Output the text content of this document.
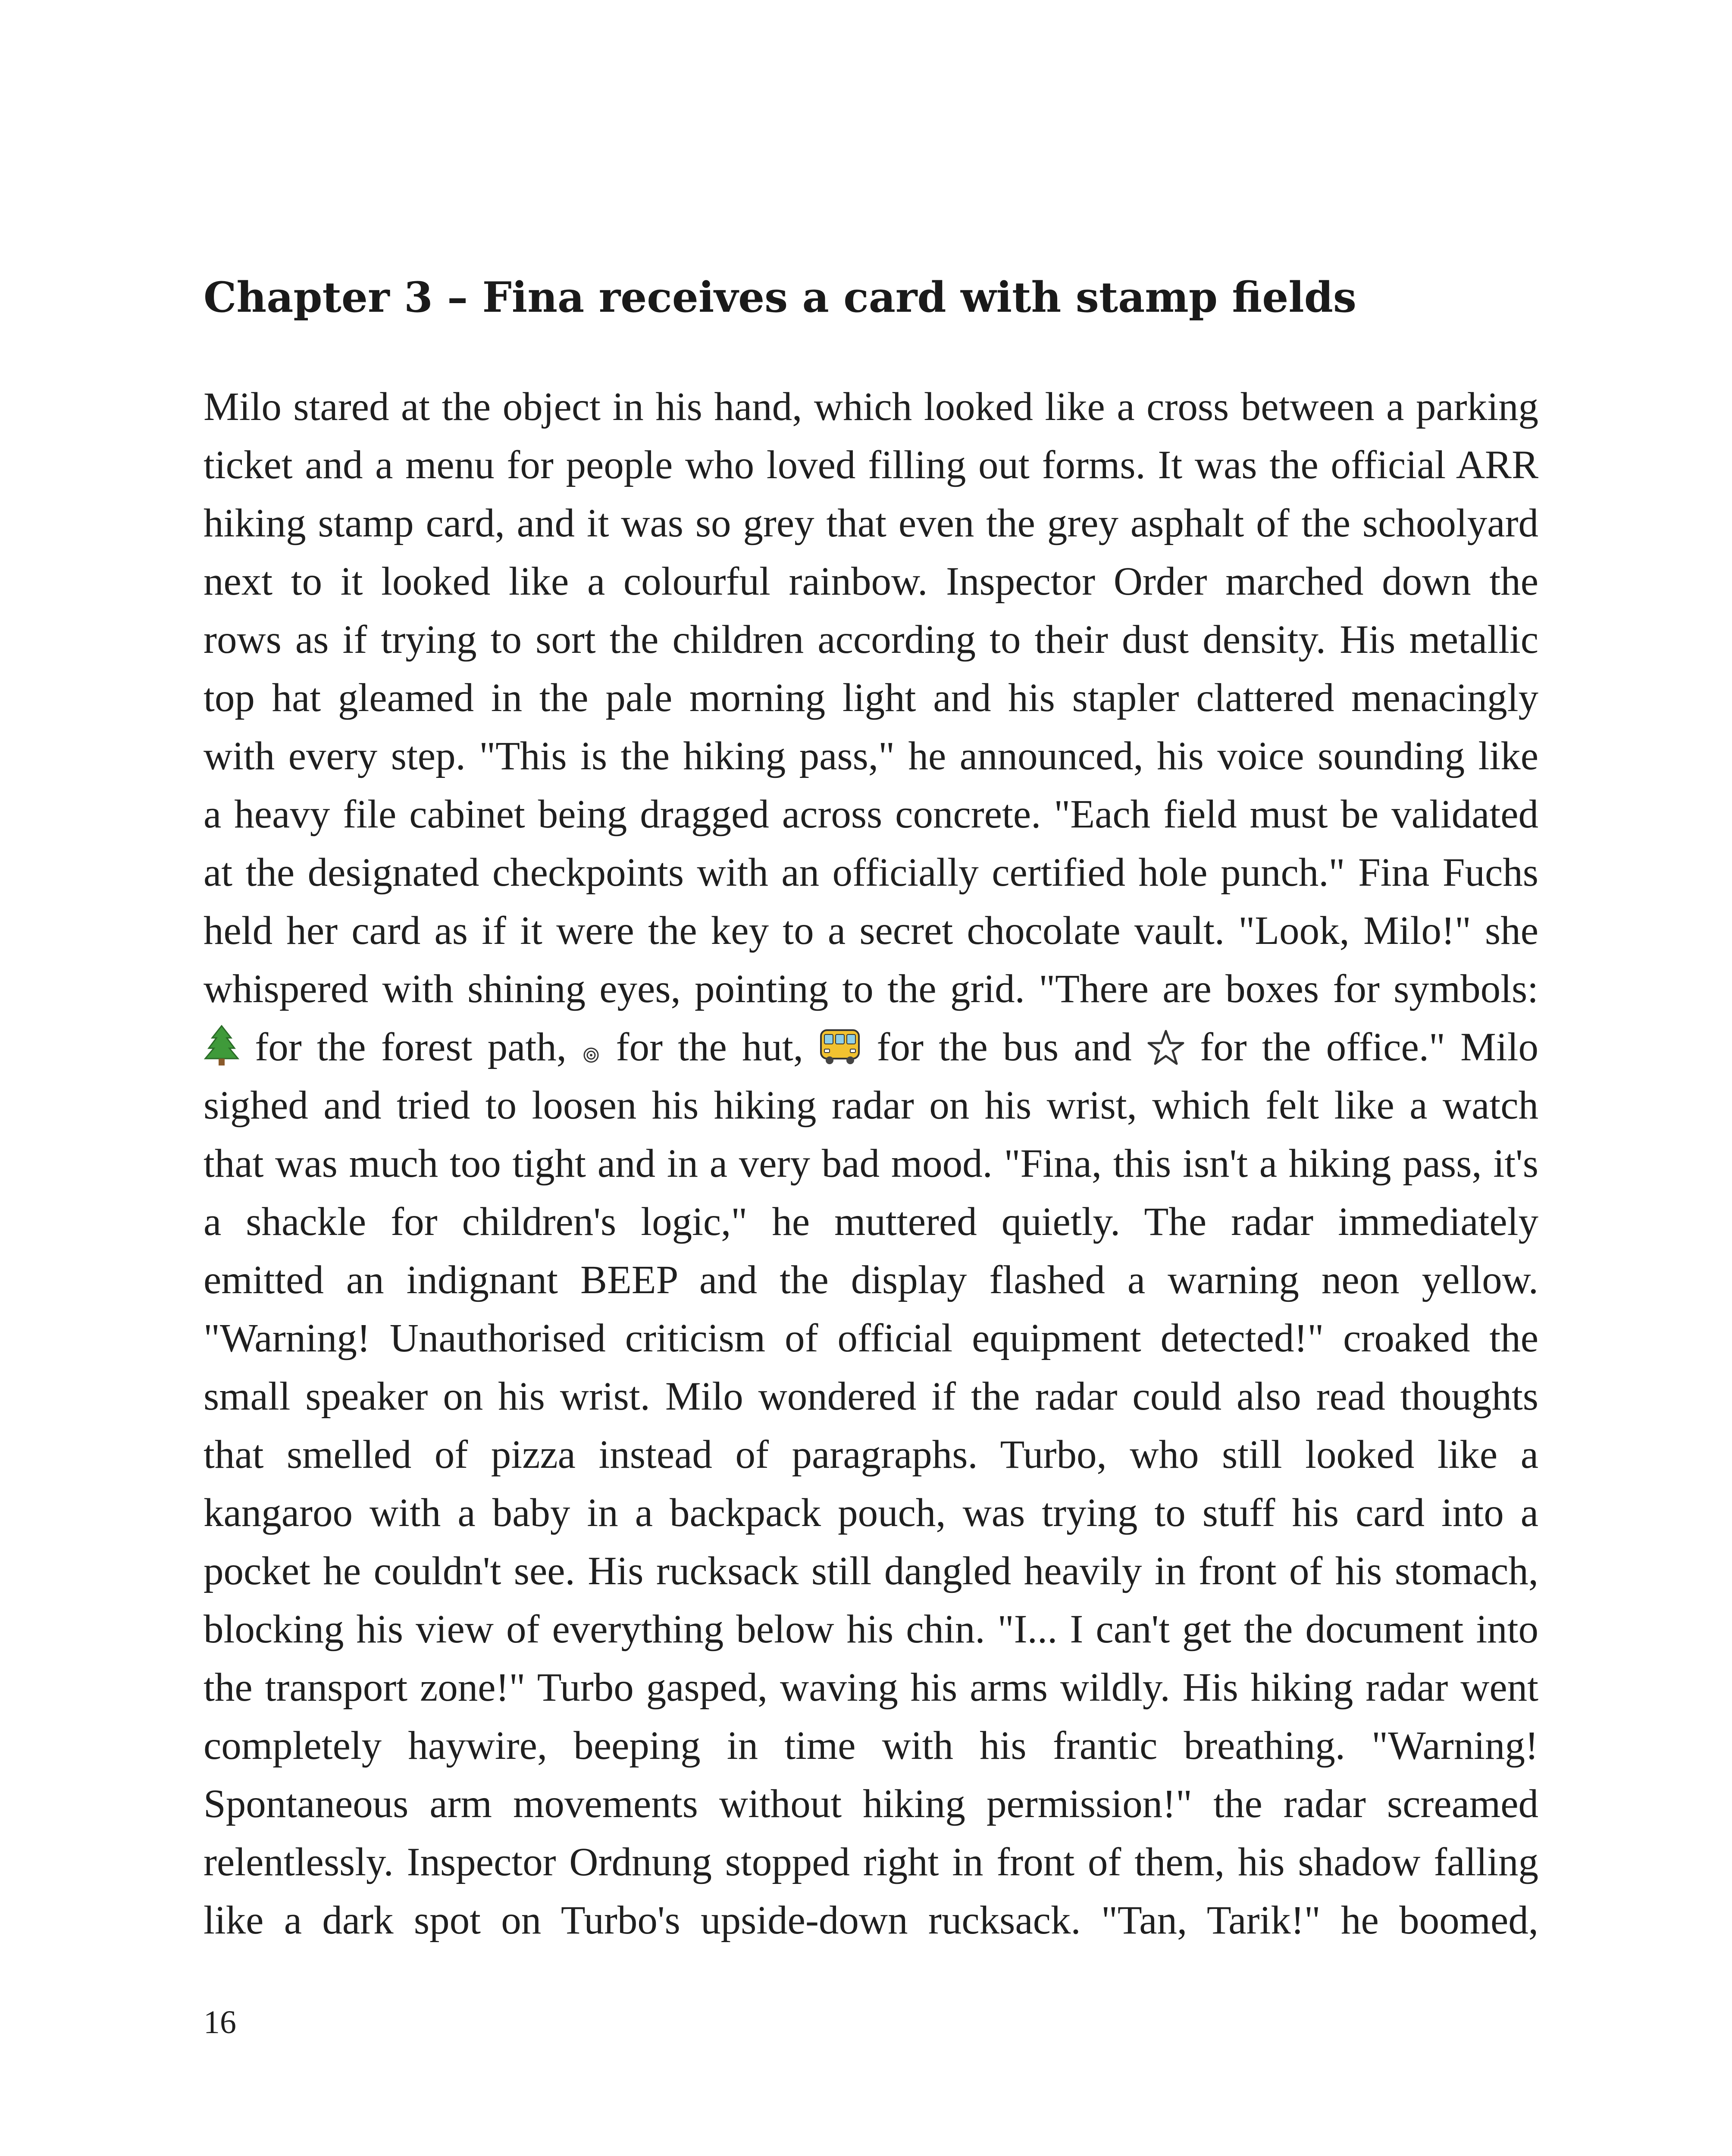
Chapter 3 – Fina receives a card with stamp fields
Milo stared at the object in his hand, which looked like a cross between a parking
ticket and a menu for people who loved filling out forms. It was the official ARR
hiking stamp card, and it was so grey that even the grey asphalt of the schoolyard
next to it looked like a colourful rainbow. Inspector Order marched down the
rows as if trying to sort the children according to their dust density. His metallic
top hat gleamed in the pale morning light and his stapler clattered menacingly
with every step. "This is the hiking pass," he announced, his voice sounding like
a heavy file cabinet being dragged across concrete. "Each field must be validated
at the designated checkpoints with an officially certified hole punch." Fina Fuchs
held her card as if it were the key to a secret chocolate vault. "Look, Milo!" she
whispered with shining eyes, pointing to the grid. "There are boxes for symbols:
for the forest path, for the hut, for the bus and for the office." Milo
sighed and tried to loosen his hiking radar on his wrist, which felt like a watch
that was much too tight and in a very bad mood. "Fina, this isn't a hiking pass, it's
a shackle for children's logic," he muttered quietly. The radar immediately
emitted an indignant BEEP and the display flashed a warning neon yellow.
"Warning! Unauthorised criticism of official equipment detected!" croaked the
small speaker on his wrist. Milo wondered if the radar could also read thoughts
that smelled of pizza instead of paragraphs. Turbo, who still looked like a
kangaroo with a baby in a backpack pouch, was trying to stuff his card into a
pocket he couldn't see. His rucksack still dangled heavily in front of his stomach,
blocking his view of everything below his chin. "I... I can't get the document into
the transport zone!" Turbo gasped, waving his arms wildly. His hiking radar went
completely haywire, beeping in time with his frantic breathing. "Warning!
Spontaneous arm movements without hiking permission!" the radar screamed
relentlessly. Inspector Ordnung stopped right in front of them, his shadow falling
like a dark spot on Turbo's upside-down rucksack. "Tan, Tarik!" he boomed,
16
